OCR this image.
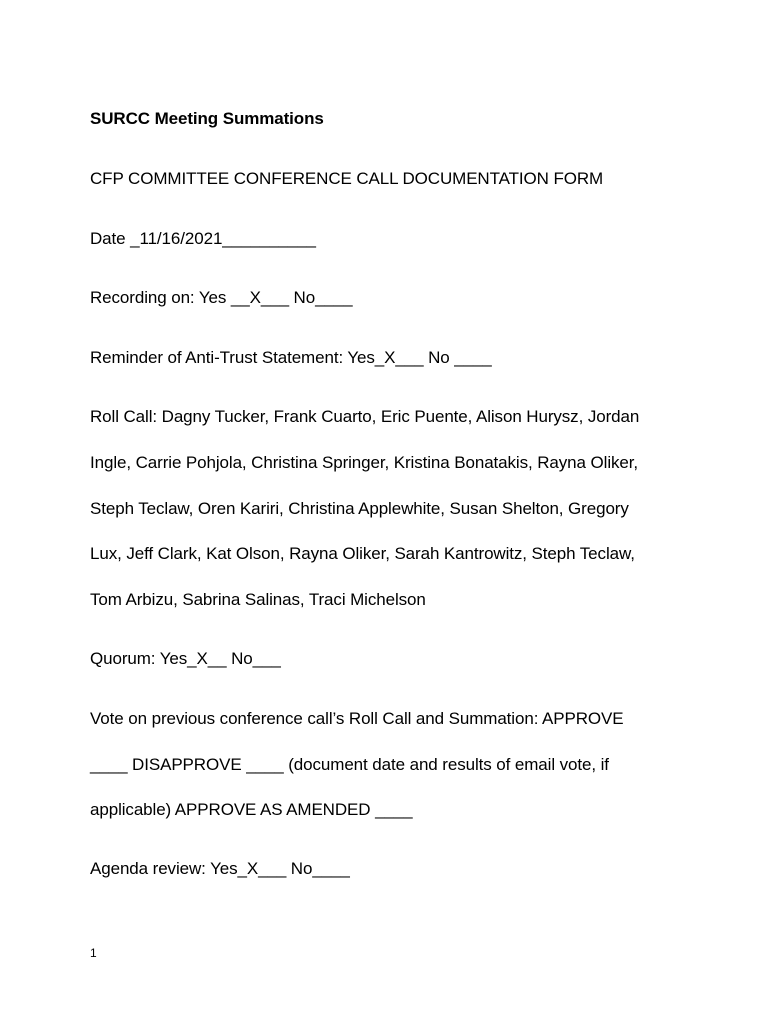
SURCC Meeting Summations

CFP COMMITTEE CONFERENCE CALL DOCUMENTATION FORM

Date _11/16/2021__________

Recording on: Yes __X___ No____

Reminder of Anti-Trust Statement: Yes_X___ No ____

Roll Call: Dagny Tucker, Frank Cuarto, Eric Puente, Alison Hurysz, Jordan

Ingle, Carrie Pohjola, Christina Springer, Kristina Bonatakis, Rayna Oliker,

Steph Teclaw, Oren Kariri, Christina Applewhite, Susan Shelton, Gregory

Lux, Jeff Clark, Kat Olson, Rayna Oliker, Sarah Kantrowitz, Steph Teclaw,

Tom Arbizu, Sabrina Salinas, Traci Michelson

Quorum: Yes_X__ No___

Vote on previous conference call’s Roll Call and Summation: APPROVE

____ DISAPPROVE ____ (document date and results of email vote, if

applicable) APPROVE AS AMENDED ____

Agenda review: Yes_X___ No____

1
